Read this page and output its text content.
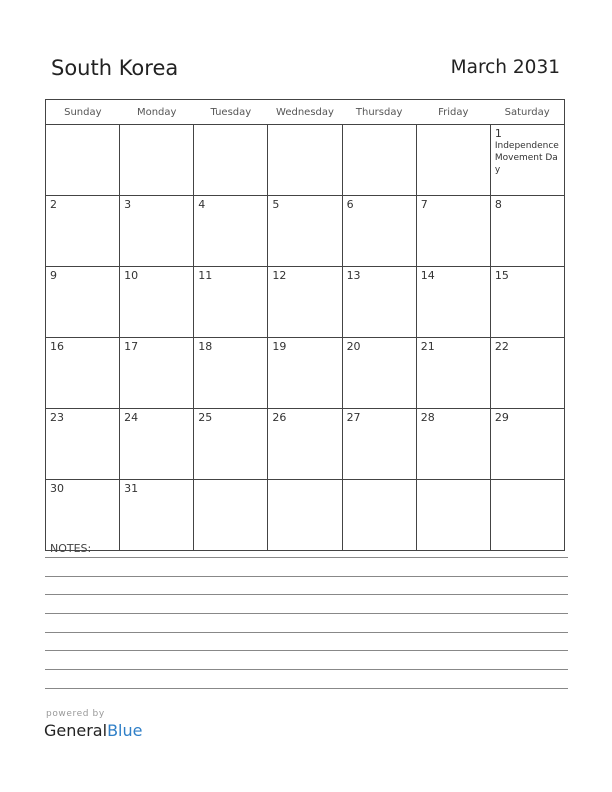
South Korea	March 2031
Sunday	Monday	Tuesday	Wednesday	Thursday	Friday	Saturday

						1
Independence Movement Day

2	3	4	5	6	7	8

9	10	11	12	13	14	15

16	17	18	19	20	21	22

23	24	25	26	27	28	29

30	31					

NOTES:
powered by
GeneralBlue
